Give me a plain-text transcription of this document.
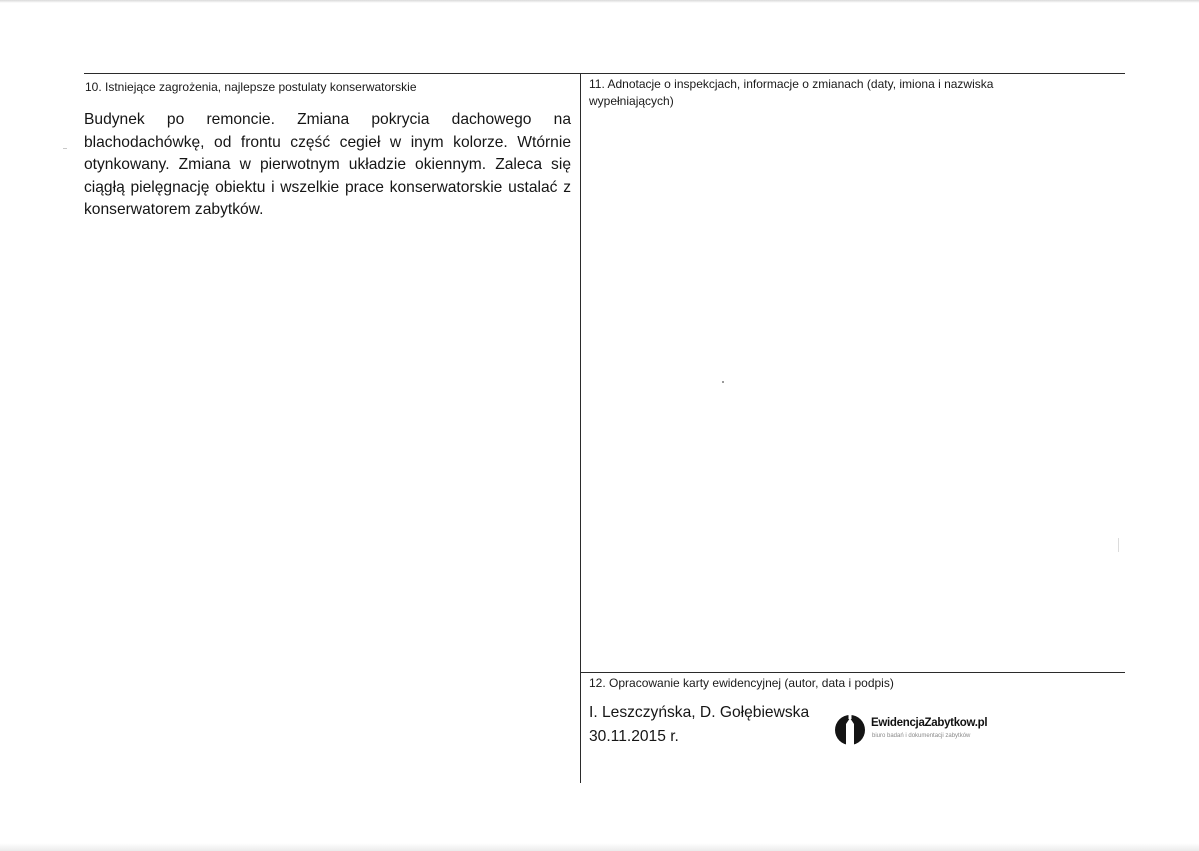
10. Istniejące zagrożenia, najlepsze postulaty konserwatorskie
Budynek po remoncie. Zmiana pokrycia dachowego na blachodachówkę, od frontu część cegieł w inym kolorze. Wtórnie otynkowany. Zmiana w pierwotnym układzie okiennym. Zaleca się ciągłą pielęgnację obiektu i wszelkie prace konserwatorskie ustalać z konserwatorem zabytków.
11. Adnotacje o inspekcjach, informacje o zmianach (daty, imiona i nazwiska wypełniających)
12. Opracowanie karty ewidencyjnej (autor, data i podpis)
I. Leszczyńska, D. Gołębiewska
30.11.2015 r.
EwidencjaZabytkow.pl
biuro badań i dokumentacji zabytków
